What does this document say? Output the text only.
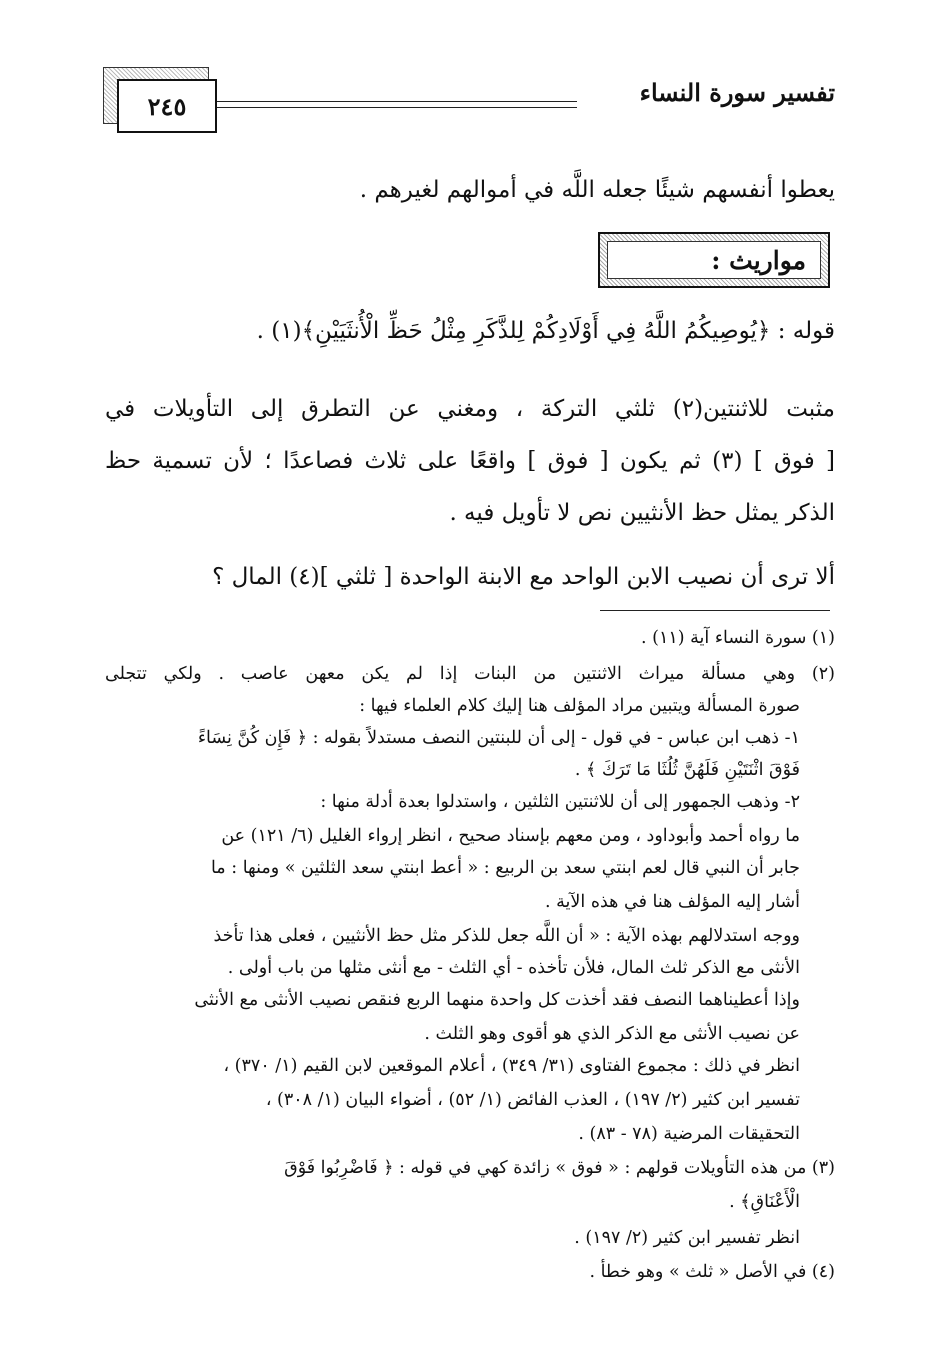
تفسير سورة النساء
٢٤٥
يعطوا أنفسهم شيئًا جعله اللَّه في أموالهم لغيرهم .
مواريث :
قوله : ﴿يُوصِيكُمُ اللَّهُ فِي أَوْلَادِكُمْ لِلذَّكَرِ مِثْلُ حَظِّ الْأُنثَيَيْنِ﴾(١) .
مثبت للاثنتين(٢) ثلثي التركة ، ومغني عن التطرق إلى التأويلات في
[ فوق ] (٣) ثم يكون [ فوق ] واقعًا على ثلاث فصاعدًا ؛ لأن تسمية حظ
الذكر يمثل حظ الأنثيين نص لا تأويل فيه .
ألا ترى أن نصيب الابن الواحد مع الابنة الواحدة [ ثلثي ](٤) المال ؟
(١) سورة النساء آية (١١) .
(٢) وهي مسألة ميراث الاثنتين من البنات إذا لم يكن معهن عاصب . ولكي تتجلى
صورة المسألة ويتبين مراد المؤلف هنا إليك كلام العلماء فيها :
١- ذهب ابن عباس - في قول - إلى أن للبنتين النصف مستدلاً بقوله : ﴿ فَإِن كُنَّ نِسَاءً
فَوْقَ اثْنَتَيْنِ فَلَهُنَّ ثُلُثَا مَا تَرَكَ ﴾ .
٢- وذهب الجمهور إلى أن للاثنتين الثلثين ، واستدلوا بعدة أدلة منها :
ما رواه أحمد وأبوداود ، ومن معهم بإسناد صحيح ، انظر إرواء الغليل (٦/ ١٢١) عن
جابر أن النبي قال لعم ابنتي سعد بن الربيع : « أعط ابنتي سعد الثلثين » ومنها : ما
أشار إليه المؤلف هنا في هذه الآية .
ووجه استدلالهم بهذه الآية : « أن اللَّه جعل للذكر مثل حظ الأنثيين ، فعلى هذا تأخذ
الأنثى مع الذكر ثلث المال، فلأن تأخذه - أي الثلث - مع أنثى مثلها من باب أولى .
وإذا أعطيناهما النصف فقد أخذت كل واحدة منهما الربع فنقص نصيب الأنثى مع الأنثى
عن نصيب الأنثى مع الذكر الذي هو أقوى وهو الثلث .
انظر في ذلك : مجموع الفتاوى (٣١/ ٣٤٩) ، أعلام الموقعين لابن القيم (١/ ٣٧٠) ،
تفسير ابن كثير (٢/ ١٩٧) ، العذب الفائض (١/ ٥٢) ، أضواء البيان (١/ ٣٠٨) ،
التحقيقات المرضية (٧٨ - ٨٣) .
(٣) من هذه التأويلات قولهم : « فوق » زائدة كهي في قوله : ﴿ فَاضْرِبُوا فَوْقَ
الْأَعْنَاقِ﴾ .
انظر تفسير ابن كثير (٢/ ١٩٧) .
(٤) في الأصل « ثلث » وهو خطأ .
